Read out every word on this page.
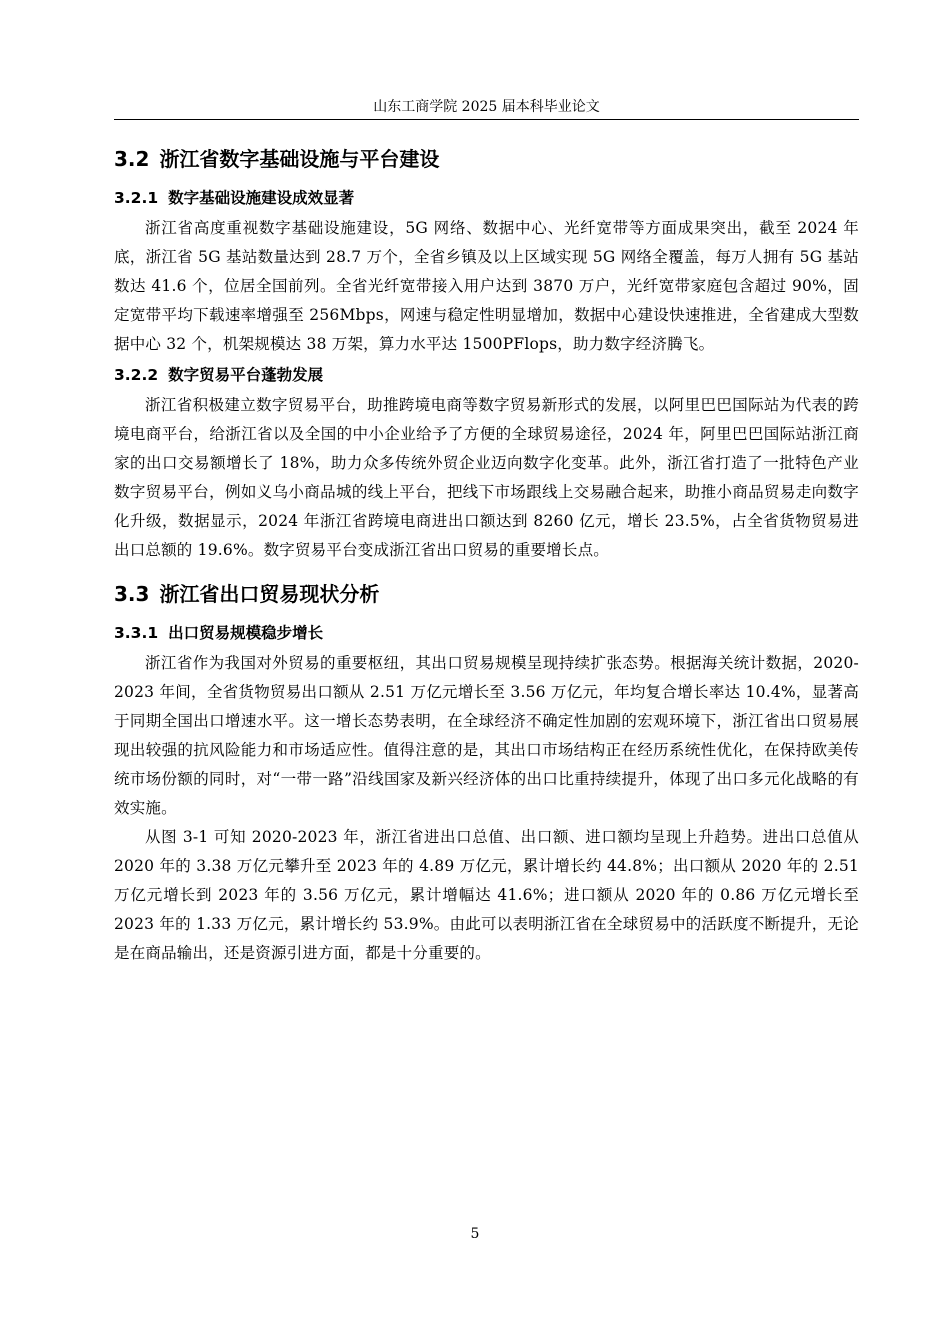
山东工商学院 2025 届本科毕业论文
3.2 浙江省数字基础设施与平台建设
3.2.1 数字基础设施建设成效显著

浙江省高度重视数字基础设施建设，5G 网络、数据中心、光纤宽带等方面成果突出，截至 2024 年底，浙江省 5G 基站数量达到 28.7 万个，全省乡镇及以上区域实现 5G 网络全覆盖，每万人拥有 5G 基站数达 41.6 个，位居全国前列。全省光纤宽带接入用户达到 3870 万户，光纤宽带家庭包含超过 90%，固定宽带平均下载速率增强至 256Mbps，网速与稳定性明显增加，数据中心建设快速推进，全省建成大型数据中心 32 个，机架规模达 38 万架，算力水平达 1500PFlops，助力数字经济腾飞。

3.2.2 数字贸易平台蓬勃发展

浙江省积极建立数字贸易平台，助推跨境电商等数字贸易新形式的发展，以阿里巴巴国际站为代表的跨境电商平台，给浙江省以及全国的中小企业给予了方便的全球贸易途径，2024 年，阿里巴巴国际站浙江商家的出口交易额增长了 18%，助力众多传统外贸企业迈向数字化变革。此外，浙江省打造了一批特色产业数字贸易平台，例如义乌小商品城的线上平台，把线下市场跟线上交易融合起来，助推小商品贸易走向数字化升级，数据显示，2024 年浙江省跨境电商进出口额达到 8260 亿元，增长 23.5%，占全省货物贸易进出口总额的 19.6%。数字贸易平台变成浙江省出口贸易的重要增长点。

3.3 浙江省出口贸易现状分析
3.3.1 出口贸易规模稳步增长

浙江省作为我国对外贸易的重要枢纽，其出口贸易规模呈现持续扩张态势。根据海关统计数据，2020-2023 年间，全省货物贸易出口额从 2.51 万亿元增长至 3.56 万亿元，年均复合增长率达 10.4%，显著高于同期全国出口增速水平。这一增长态势表明，在全球经济不确定性加剧的宏观环境下，浙江省出口贸易展现出较强的抗风险能力和市场适应性。值得注意的是，其出口市场结构正在经历系统性优化，在保持欧美传统市场份额的同时，对“一带一路”沿线国家及新兴经济体的出口比重持续提升，体现了出口多元化战略的有效实施。

从图 3-1 可知 2020-2023 年，浙江省进出口总值、出口额、进口额均呈现上升趋势。进出口总值从 2020 年的 3.38 万亿元攀升至 2023 年的 4.89 万亿元，累计增长约 44.8%；出口额从 2020 年的 2.51 万亿元增长到 2023 年的 3.56 万亿元，累计增幅达 41.6%；进口额从 2020 年的 0.86 万亿元增长至 2023 年的 1.33 万亿元，累计增长约 53.9%。由此可以表明浙江省在全球贸易中的活跃度不断提升，无论是在商品输出，还是资源引进方面，都是十分重要的。

5
